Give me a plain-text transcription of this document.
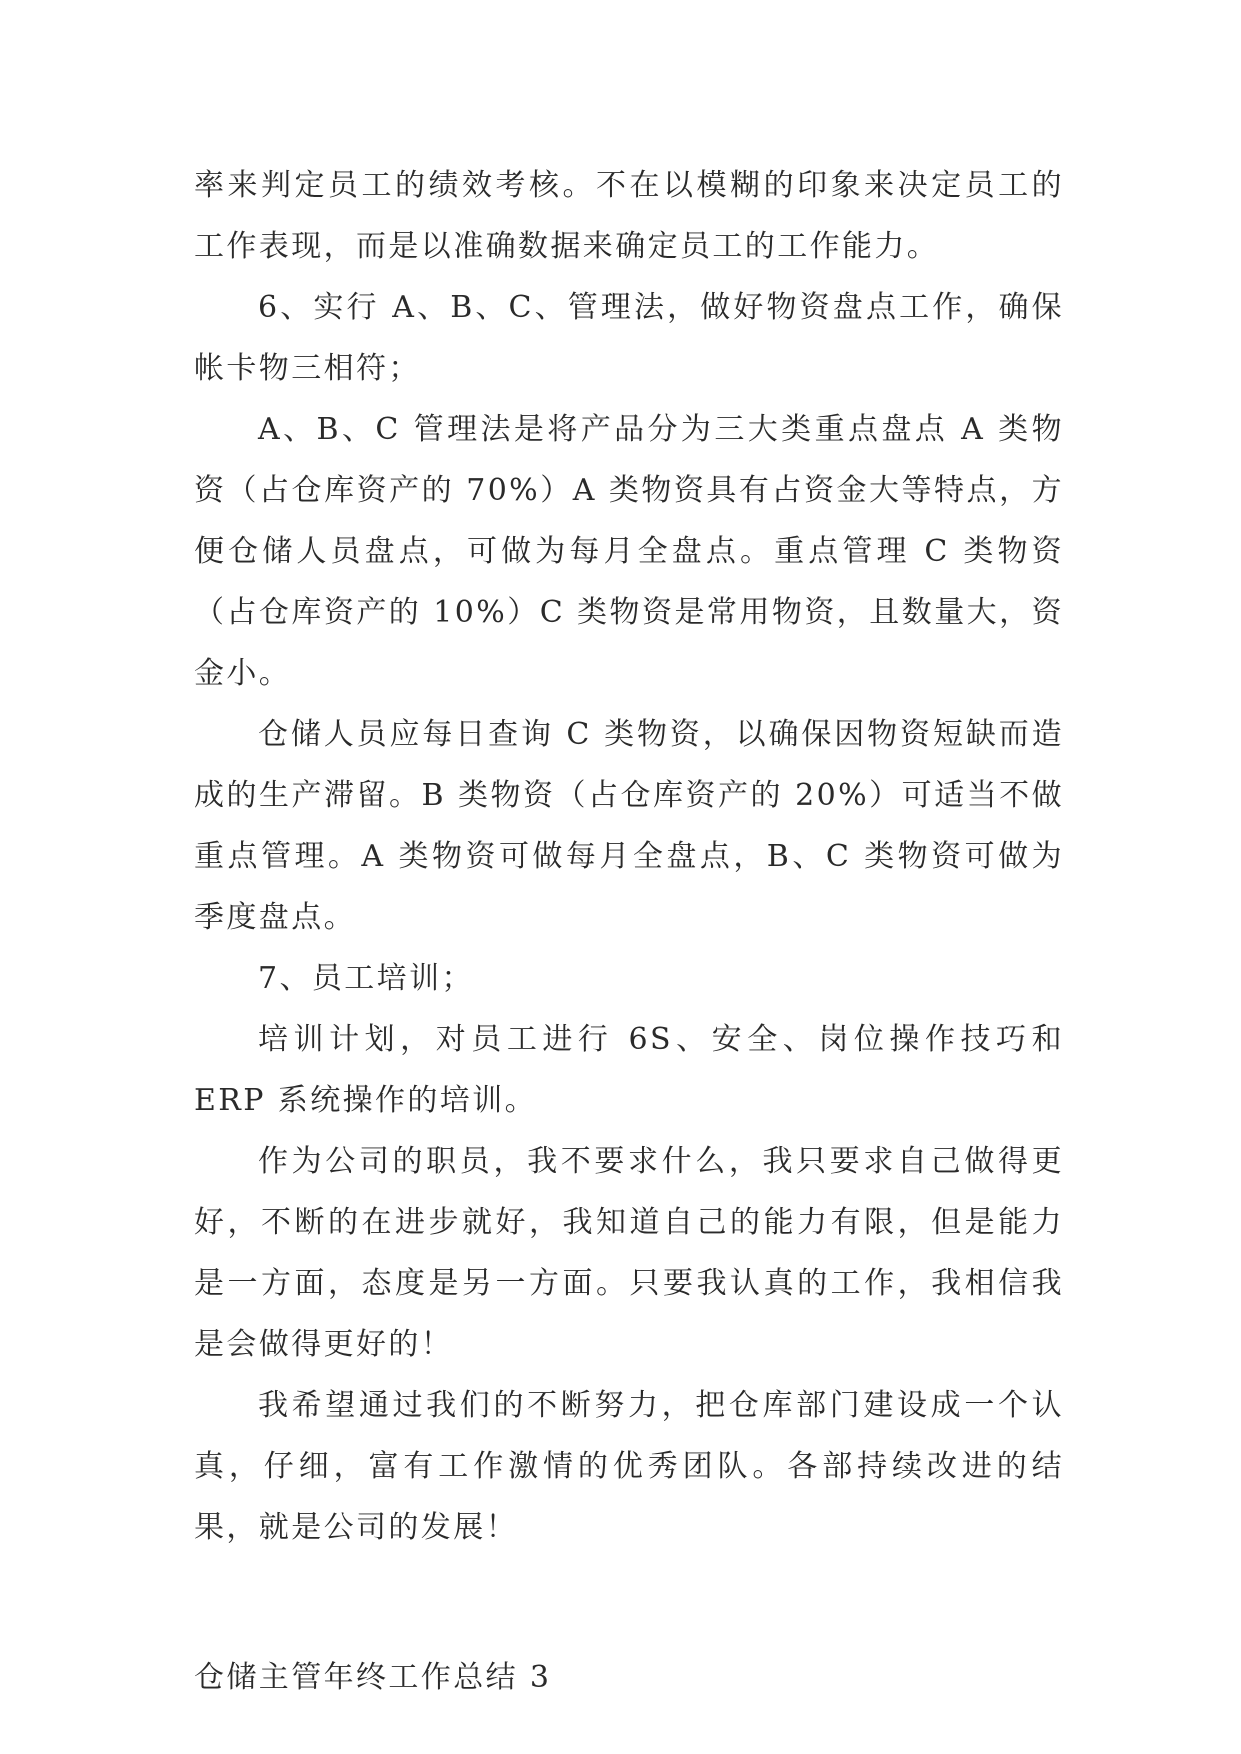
率来判定员工的绩效考核。不在以模糊的印象来决定员工的工作表现，而是以准确数据来确定员工的工作能力。

6、实行 A、B、C、管理法，做好物资盘点工作，确保帐卡物三相符；

A、B、C 管理法是将产品分为三大类重点盘点 A 类物资（占仓库资产的 70%）A 类物资具有占资金大等特点，方便仓储人员盘点，可做为每月全盘点。重点管理 C 类物资（占仓库资产的 10%）C 类物资是常用物资，且数量大，资金小。

仓储人员应每日查询 C 类物资，以确保因物资短缺而造成的生产滞留。B 类物资（占仓库资产的 20%）可适当不做重点管理。A 类物资可做每月全盘点，B、C 类物资可做为季度盘点。

7、员工培训；

培训计划，对员工进行 6S、安全、岗位操作技巧和 ERP 系统操作的培训。

作为公司的职员，我不要求什么，我只要求自己做得更好，不断的在进步就好，我知道自己的能力有限，但是能力是一方面，态度是另一方面。只要我认真的工作，我相信我是会做得更好的！

我希望通过我们的不断努力，把仓库部门建设成一个认真，仔细，富有工作激情的优秀团队。各部持续改进的结果，就是公司的发展！

仓储主管年终工作总结 3
